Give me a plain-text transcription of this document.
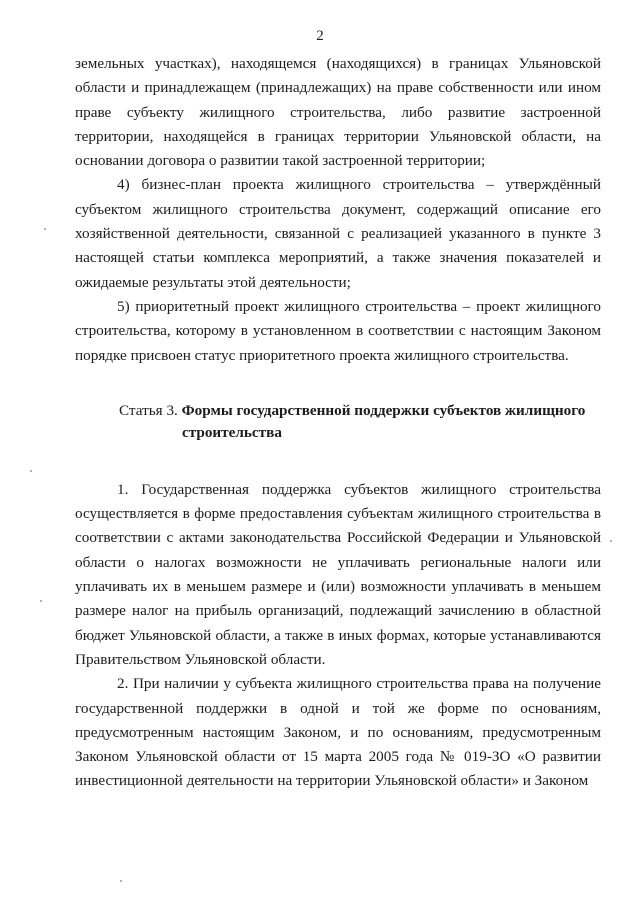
2

земельных участках), находящемся (находящихся) в границах Ульяновской области и принадлежащем (принадлежащих) на праве собственности или ином праве субъекту жилищного строительства, либо развитие застроенной территории, находящейся в границах территории Ульяновской области, на основании договора о развитии такой застроенной территории;

4) бизнес-план проекта жилищного строительства – утверждённый субъектом жилищного строительства документ, содержащий описание его хозяйственной деятельности, связанной с реализацией указанного в пункте 3 настоящей статьи комплекса мероприятий, а также значения показателей и ожидаемые результаты этой деятельности;

5) приоритетный проект жилищного строительства – проект жилищного строительства, которому в установленном в соответствии с настоящим Законом порядке присвоен статус приоритетного проекта жилищного строительства.

Статья 3. Формы государственной поддержки субъектов жилищного строительства

1. Государственная поддержка субъектов жилищного строительства осуществляется в форме предоставления субъектам жилищного строительства в соответствии с актами законодательства Российской Федерации и Ульяновской области о налогах возможности не уплачивать региональные налоги или уплачивать их в меньшем размере и (или) возможности уплачивать в меньшем размере налог на прибыль организаций, подлежащий зачислению в областной бюджет Ульяновской области, а также в иных формах, которые устанавливаются Правительством Ульяновской области.

2. При наличии у субъекта жилищного строительства права на получение государственной поддержки в одной и той же форме по основаниям, предусмотренным настоящим Законом, и по основаниям, предусмотренным Законом Ульяновской области от 15 марта 2005 года № 019-ЗО «О развитии инвестиционной деятельности на территории Ульяновской области» и Законом
